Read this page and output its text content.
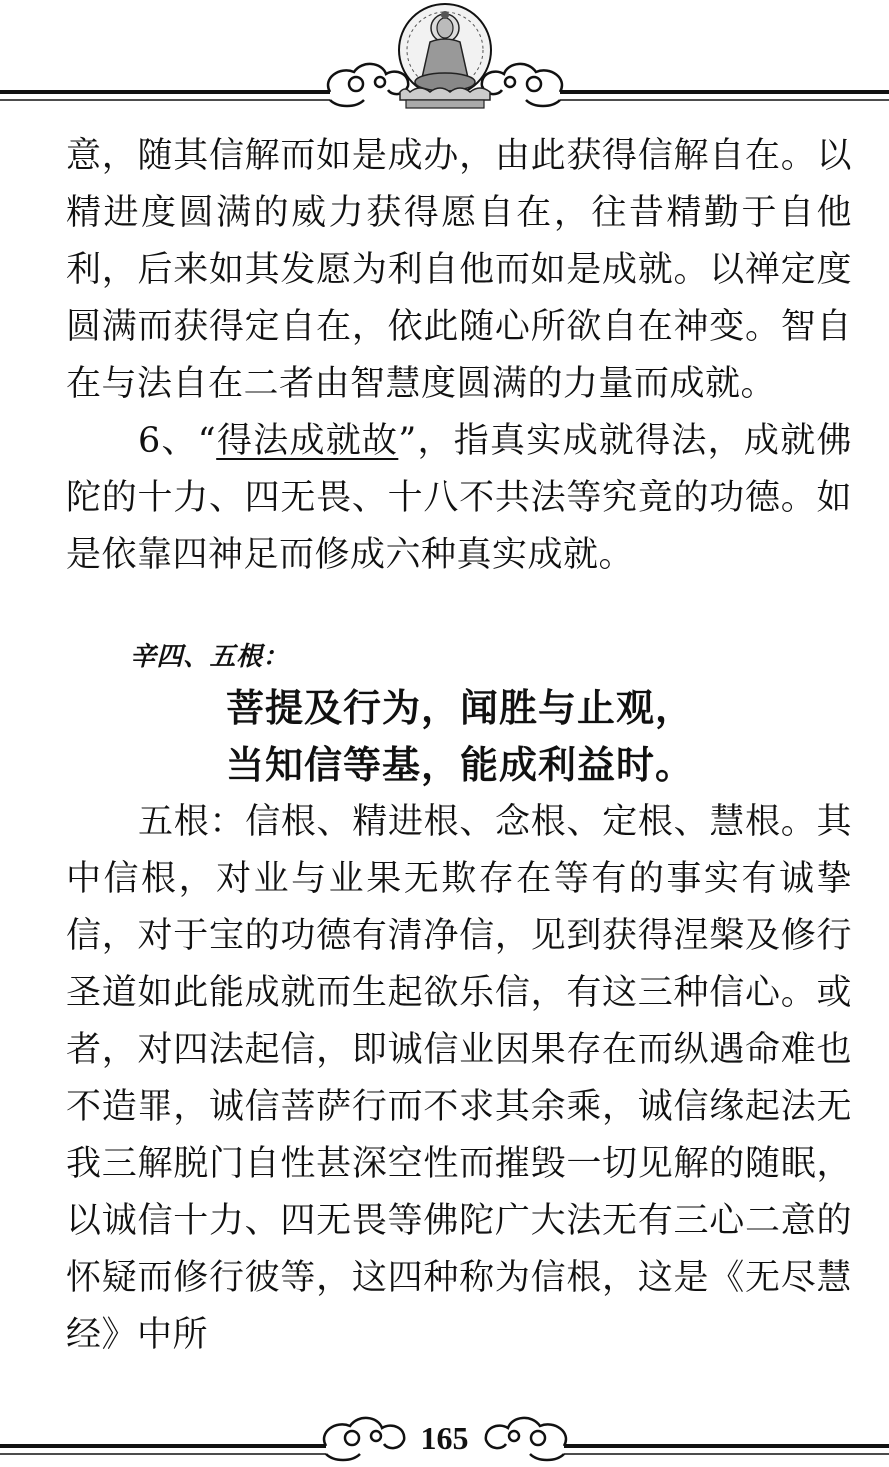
意，随其信解而如是成办，由此获得信解自在。以精进度圆满的威力获得愿自在，往昔精勤于自他利，后来如其发愿为利自他而如是成就。以禅定度圆满而获得定自在，依此随心所欲自在神变。智自在与法自在二者由智慧度圆满的力量而成就。

6、“得法成就故”，指真实成就得法，成就佛陀的十力、四无畏、十八不共法等究竟的功德。如是依靠四神足而修成六种真实成就。

辛四、五根：

菩提及行为，闻胜与止观，

当知信等基，能成利益时。

五根：信根、精进根、念根、定根、慧根。其中信根，对业与业果无欺存在等有的事实有诚挚信，对于宝的功德有清净信，见到获得涅槃及修行圣道如此能成就而生起欲乐信，有这三种信心。或者，对四法起信，即诚信业因果存在而纵遇命难也不造罪，诚信菩萨行而不求其余乘，诚信缘起法无我三解脱门自性甚深空性而摧毁一切见解的随眠，以诚信十力、四无畏等佛陀广大法无有三心二意的怀疑而修行彼等，这四种称为信根，这是《无尽慧经》中所

165
